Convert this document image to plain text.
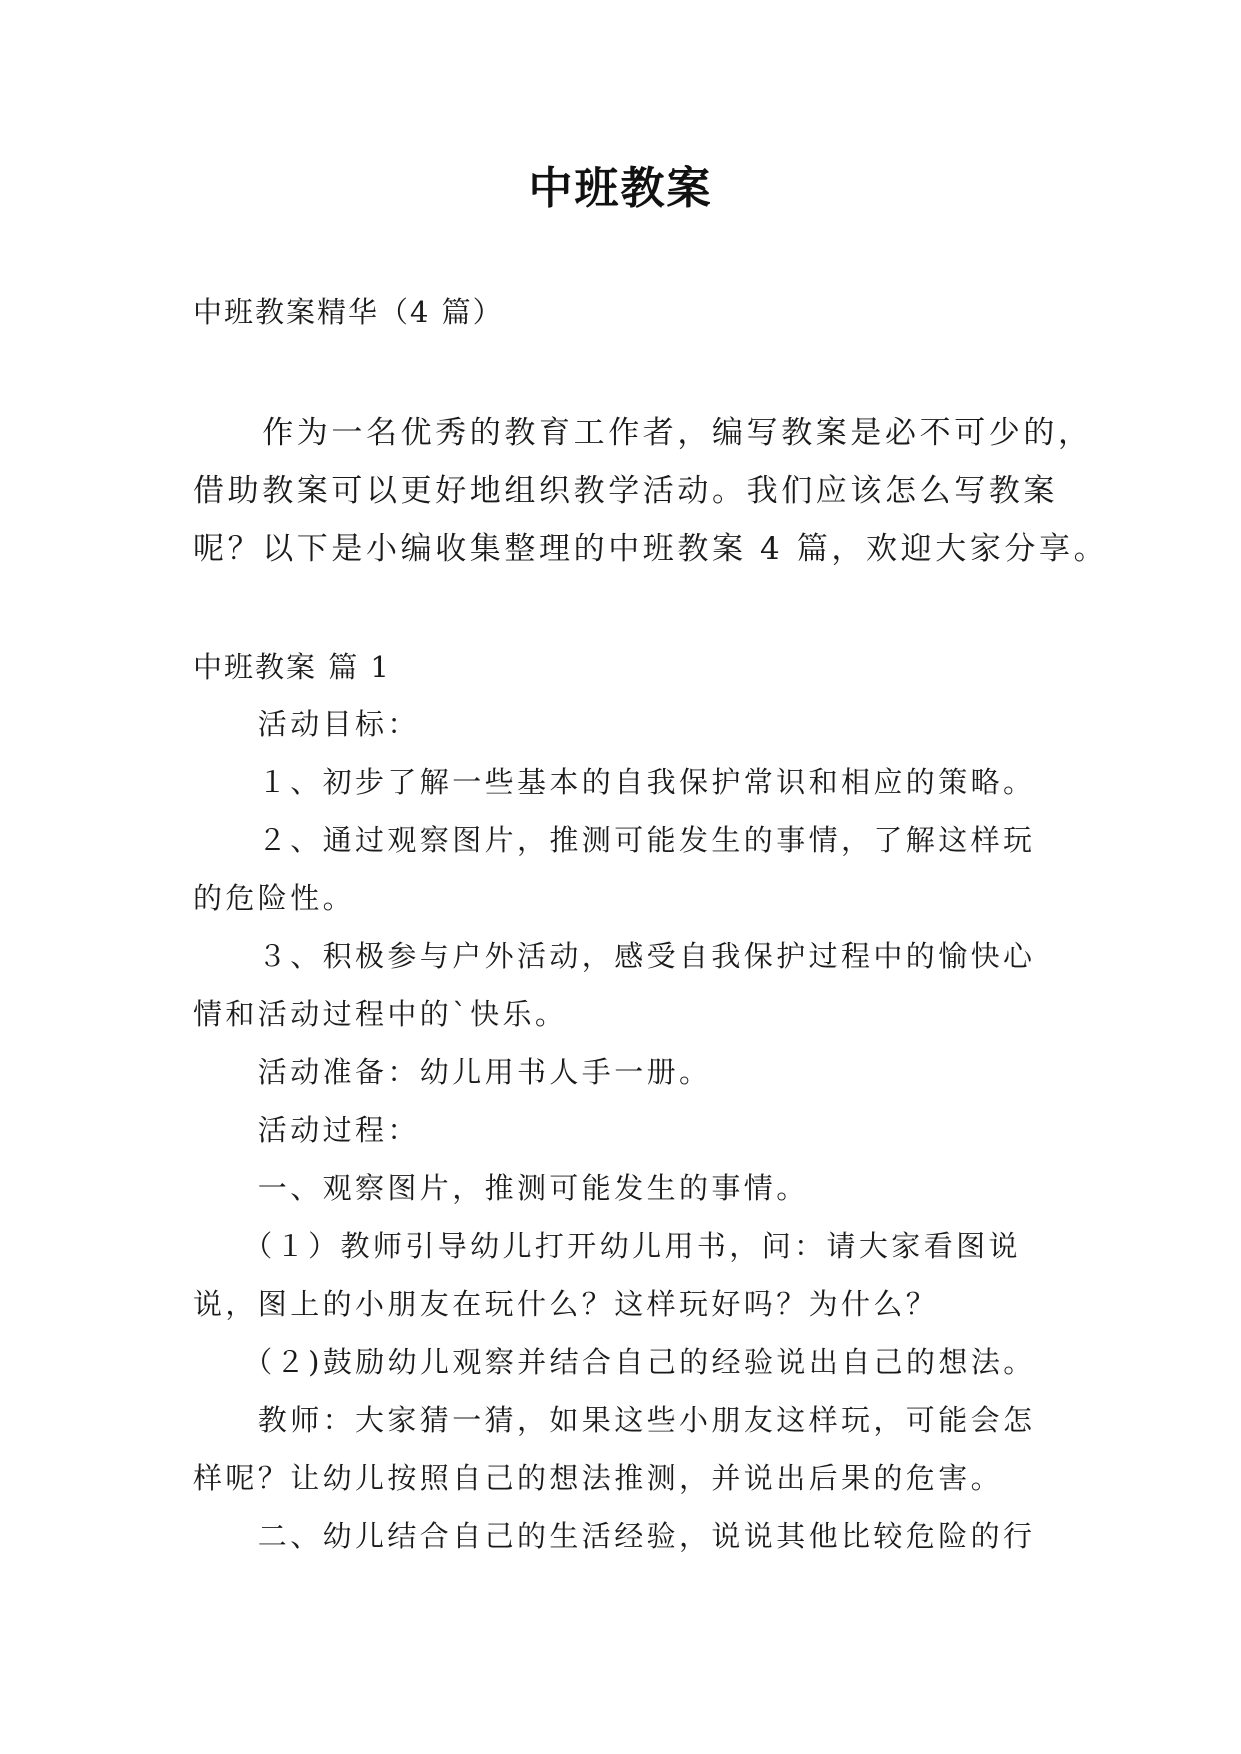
中班教案
中班教案精华（4 篇）

　　作为一名优秀的教育工作者，编写教案是必不可少的，

借助教案可以更好地组织教学活动。我们应该怎么写教案

呢？以下是小编收集整理的中班教案 4 篇，欢迎大家分享。

中班教案 篇 1

　　活动目标：

　　１、初步了解一些基本的自我保护常识和相应的策略。

　　２、通过观察图片，推测可能发生的事情，了解这样玩

的危险性。

　　３、积极参与户外活动，感受自我保护过程中的愉快心

情和活动过程中的`快乐。

　　活动准备：幼儿用书人手一册。

　　活动过程：

　　一、观察图片，推测可能发生的事情。

　　（１）教师引导幼儿打开幼儿用书，问：请大家看图说

说，图上的小朋友在玩什么？这样玩好吗？为什么？

　　（２)鼓励幼儿观察并结合自己的经验说出自己的想法。

　　教师：大家猜一猜，如果这些小朋友这样玩，可能会怎

样呢？让幼儿按照自己的想法推测，并说出后果的危害。

　　二、幼儿结合自己的生活经验，说说其他比较危险的行
